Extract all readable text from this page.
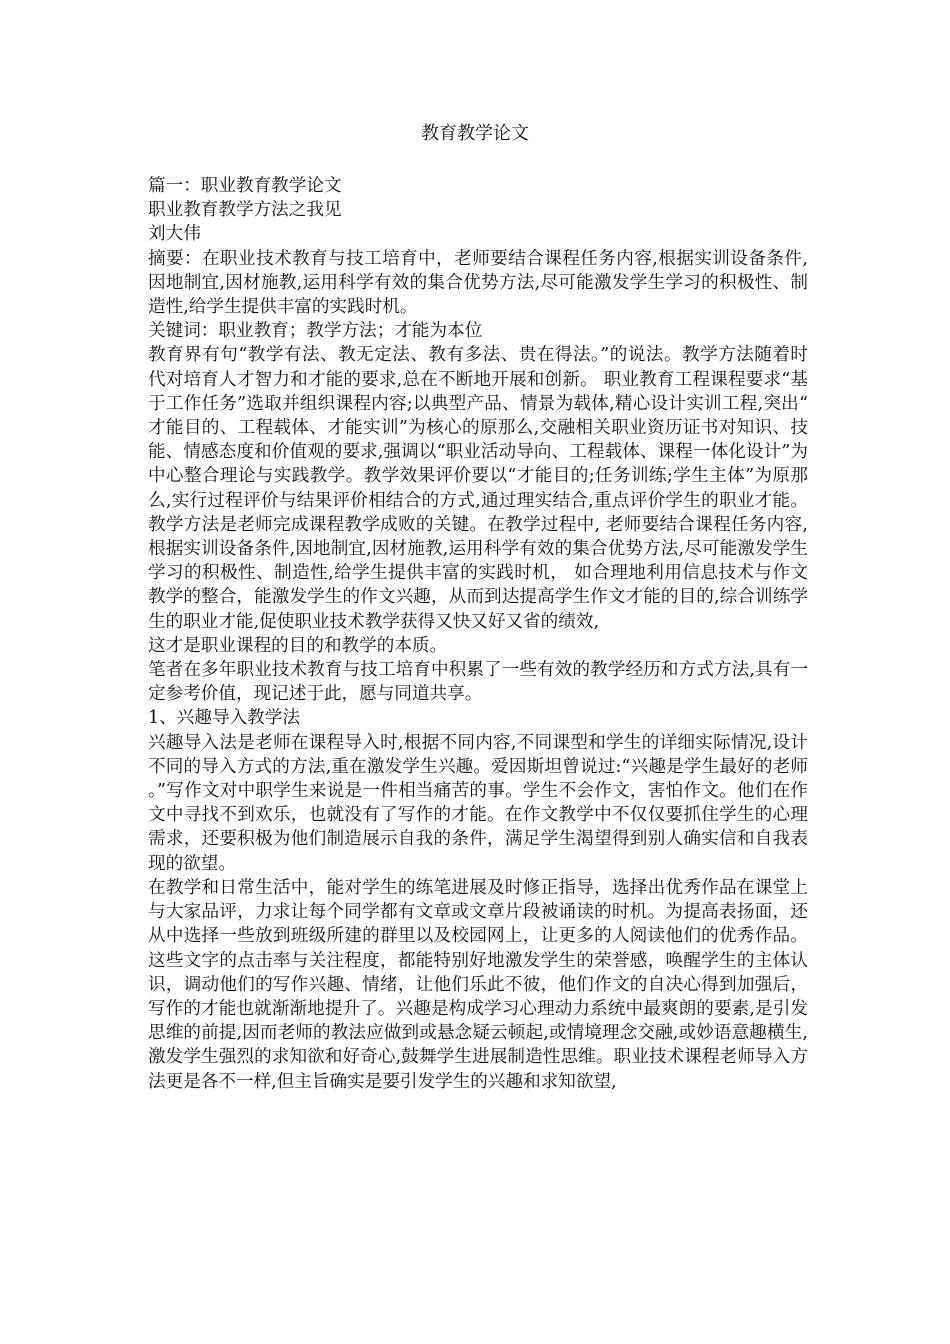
教育教学论文

篇一：职业教育教学论文

职业教育教学方法之我见

刘大伟

摘要：在职业技术教育与技工培育中，老师要结合课程任务内容,根据实训设备条件,因地制宜,因材施教,运用科学有效的集合优势方法,尽可能激发学生学习的积极性、制造性,给学生提供丰富的实践时机。

关键词：职业教育；教学方法；才能为本位

教育界有句“教学有法、教无定法、教有多法、贵在得法。”的说法。教学方法随着时代对培育人才智力和才能的要求,总在不断地开展和创新。 职业教育工程课程要求“基于工作任务”选取并组织课程内容;以典型产品、情景为载体,精心设计实训工程,突出“才能目的、工程载体、才能实训”为核心的原那么,交融相关职业资历证书对知识、技能、情感态度和价值观的要求,强调以“职业活动导向、工程载体、课程一体化设计”为中心整合理论与实践教学。教学效果评价要以“才能目的;任务训练;学生主体”为原那么,实行过程评价与结果评价相结合的方式,通过理实结合,重点评价学生的职业才能。 教学方法是老师完成课程教学成败的关键。在教学过程中, 老师要结合课程任务内容,根据实训设备条件,因地制宜,因材施教,运用科学有效的集合优势方法,尽可能激发学生学习的积极性、制造性,给学生提供丰富的实践时机， 如合理地利用信息技术与作文教学的整合，能激发学生的作文兴趣，从而到达提高学生作文才能的目的,综合训练学生的职业才能,促使职业技术教学获得又快又好又省的绩效,

这才是职业课程的目的和教学的本质。

笔者在多年职业技术教育与技工培育中积累了一些有效的教学经历和方式方法,具有一定参考价值，现记述于此，愿与同道共享。

1、兴趣导入教学法

兴趣导入法是老师在课程导入时,根据不同内容,不同课型和学生的详细实际情况,设计不同的导入方式的方法,重在激发学生兴趣。爱因斯坦曾说过:“兴趣是学生最好的老师。”写作文对中职学生来说是一件相当痛苦的事。学生不会作文，害怕作文。他们在作文中寻找不到欢乐，也就没有了写作的才能。在作文教学中不仅仅要抓住学生的心理需求，还要积极为他们制造展示自我的条件，满足学生渴望得到别人确实信和自我表现的欲望。

在教学和日常生活中，能对学生的练笔进展及时修正指导，选择出优秀作品在课堂上与大家品评，力求让每个同学都有文章或文章片段被诵读的时机。为提高表扬面，还从中选择一些放到班级所建的群里以及校园网上，让更多的人阅读他们的优秀作品。这些文字的点击率与关注程度，都能特别好地激发学生的荣誉感，唤醒学生的主体认识，调动他们的写作兴趣、情绪，让他们乐此不彼，他们作文的自决心得到加强后，写作的才能也就渐渐地提升了。兴趣是构成学习心理动力系统中最爽朗的要素,是引发思维的前提,因而老师的教法应做到或悬念疑云顿起,或情境理念交融,或妙语意趣横生,激发学生强烈的求知欲和好奇心,鼓舞学生进展制造性思维。职业技术课程老师导入方法更是各不一样,但主旨确实是要引发学生的兴趣和求知欲望,
